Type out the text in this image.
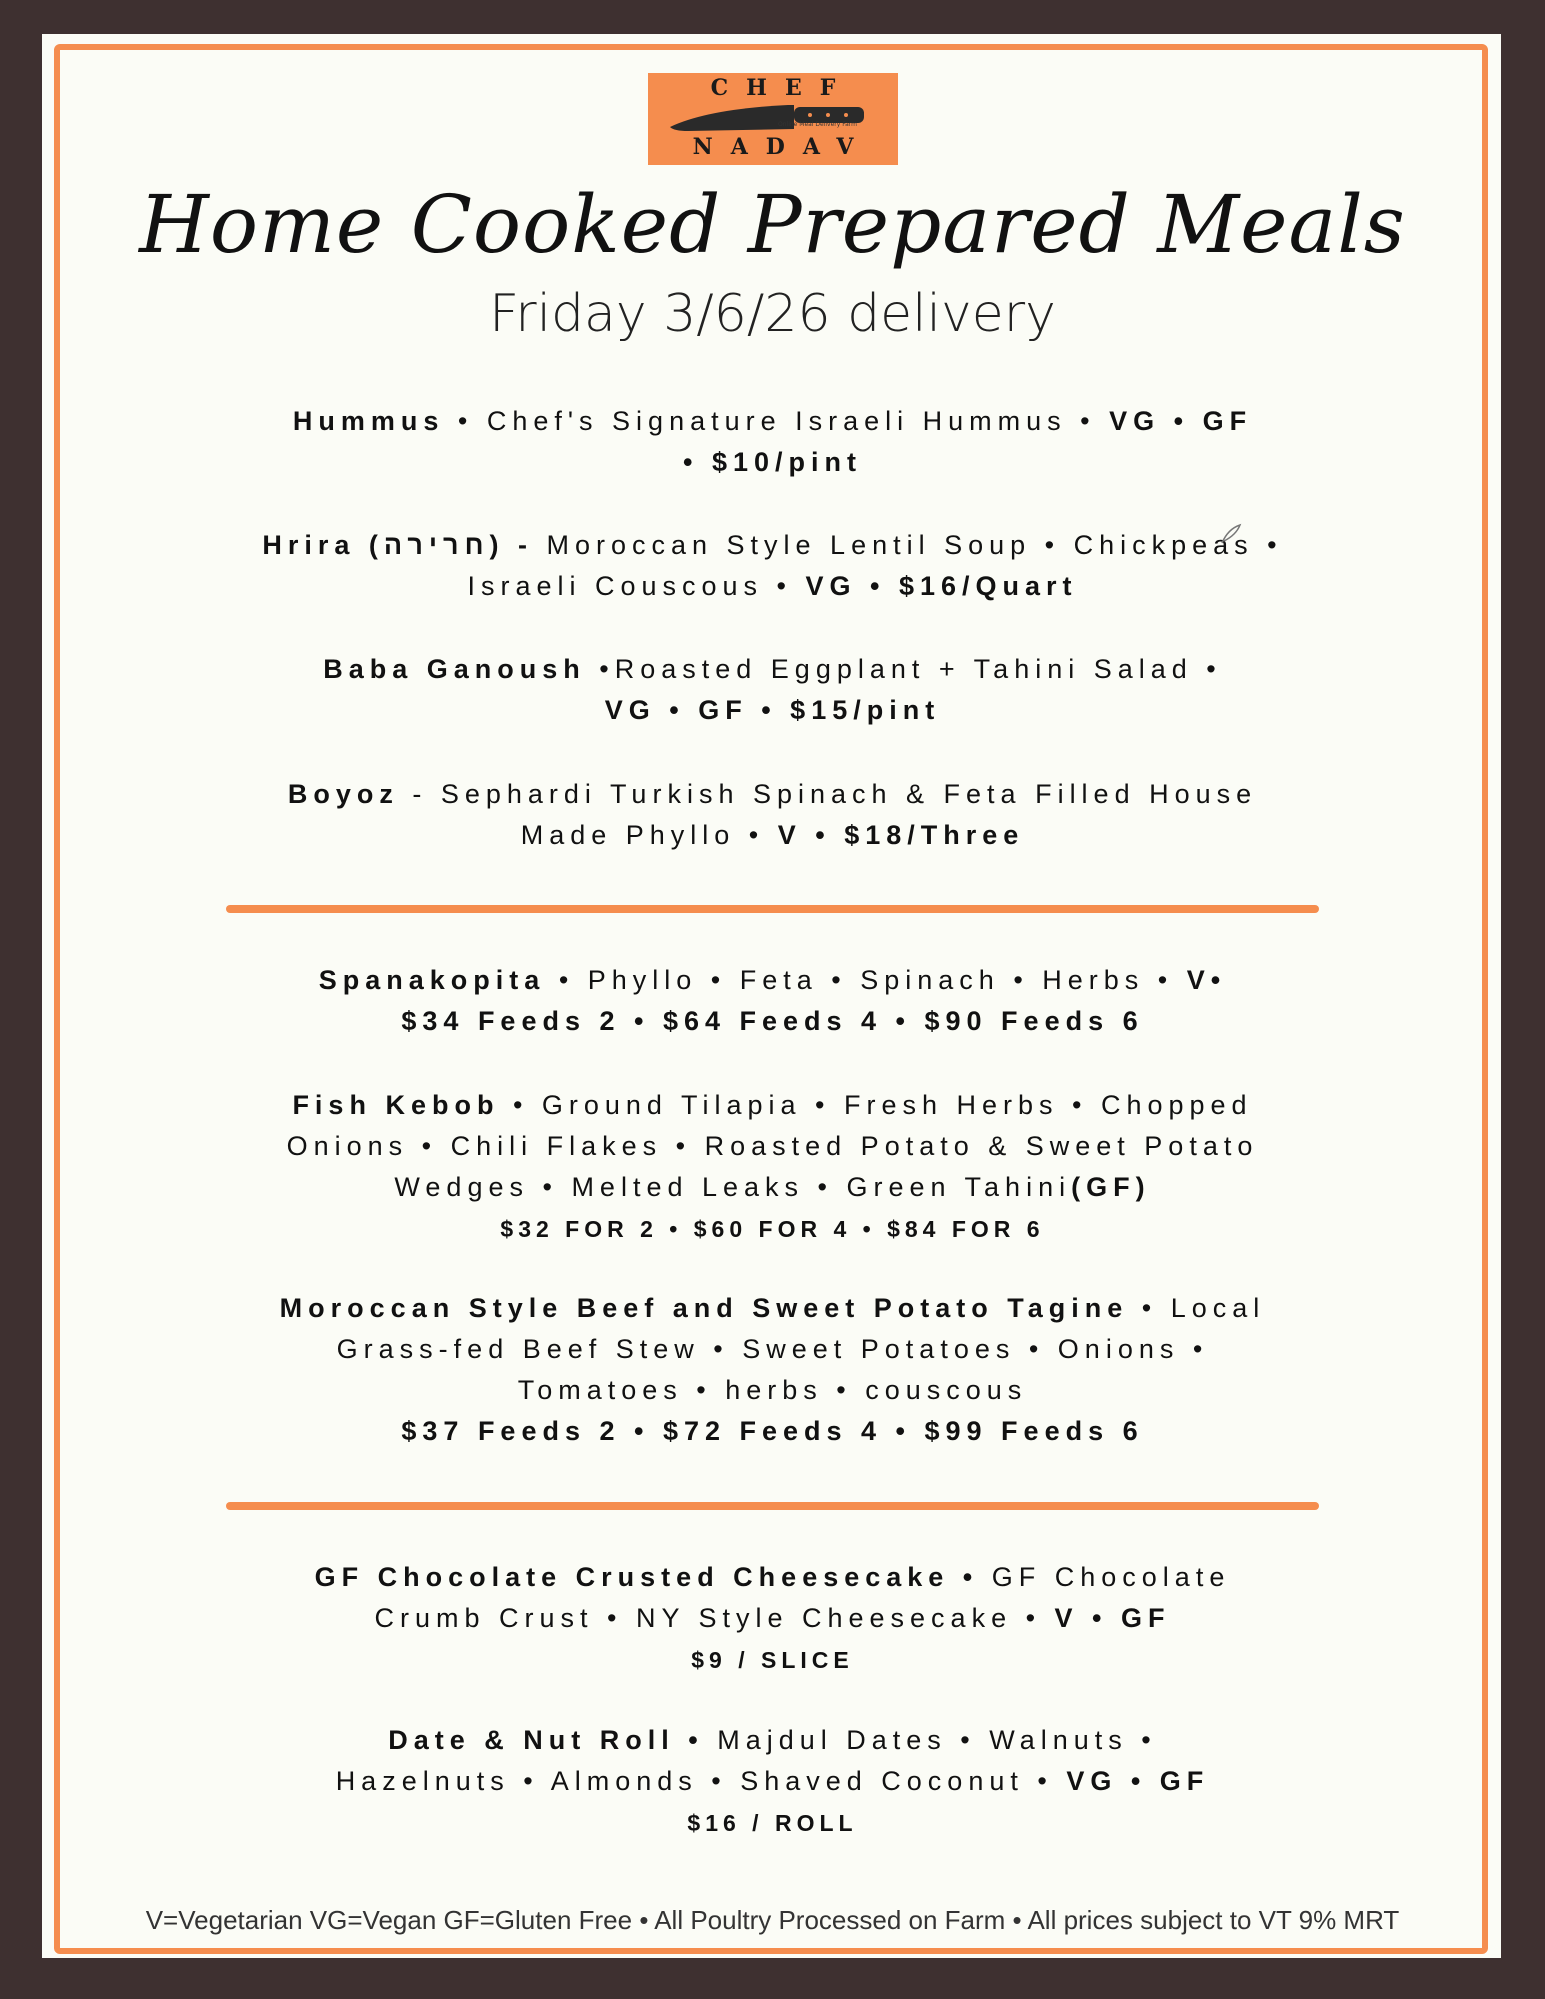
CHEF
Online Meal Delivery Farm
NADAV
Home Cooked Prepared Meals
Friday 3/6/26 delivery
Hummus • Chef's Signature Israeli Hummus • VG • GF
• $10/pint
Hrira (חרירה) - Moroccan Style Lentil Soup • Chickpeas •
Israeli Couscous • VG • $16/Quart
Baba Ganoush •Roasted Eggplant + Tahini Salad •
VG • GF • $15/pint
Boyoz - Sephardi Turkish Spinach & Feta Filled House
Made Phyllo • V • $18/Three
Spanakopita • Phyllo • Feta • Spinach • Herbs • V•
$34 Feeds 2 • $64 Feeds 4 • $90 Feeds 6
Fish Kebob • Ground Tilapia • Fresh Herbs • Chopped
Onions • Chili Flakes • Roasted Potato & Sweet Potato
Wedges • Melted Leaks • Green Tahini(GF)
$32 FOR 2 • $60 FOR 4 • $84 FOR 6
Moroccan Style Beef and Sweet Potato Tagine • Local
Grass-fed Beef Stew • Sweet Potatoes • Onions •
Tomatoes • herbs • couscous
$37 Feeds 2 • $72 Feeds 4 • $99 Feeds 6
GF Chocolate Crusted Cheesecake • GF Chocolate
Crumb Crust • NY Style Cheesecake • V • GF
$9 / SLICE
Date & Nut Roll • Majdul Dates • Walnuts •
Hazelnuts • Almonds • Shaved Coconut • VG • GF
$16 / ROLL
V=Vegetarian VG=Vegan GF=Gluten Free • All Poultry Processed on Farm • All prices subject to VT 9% MRT
